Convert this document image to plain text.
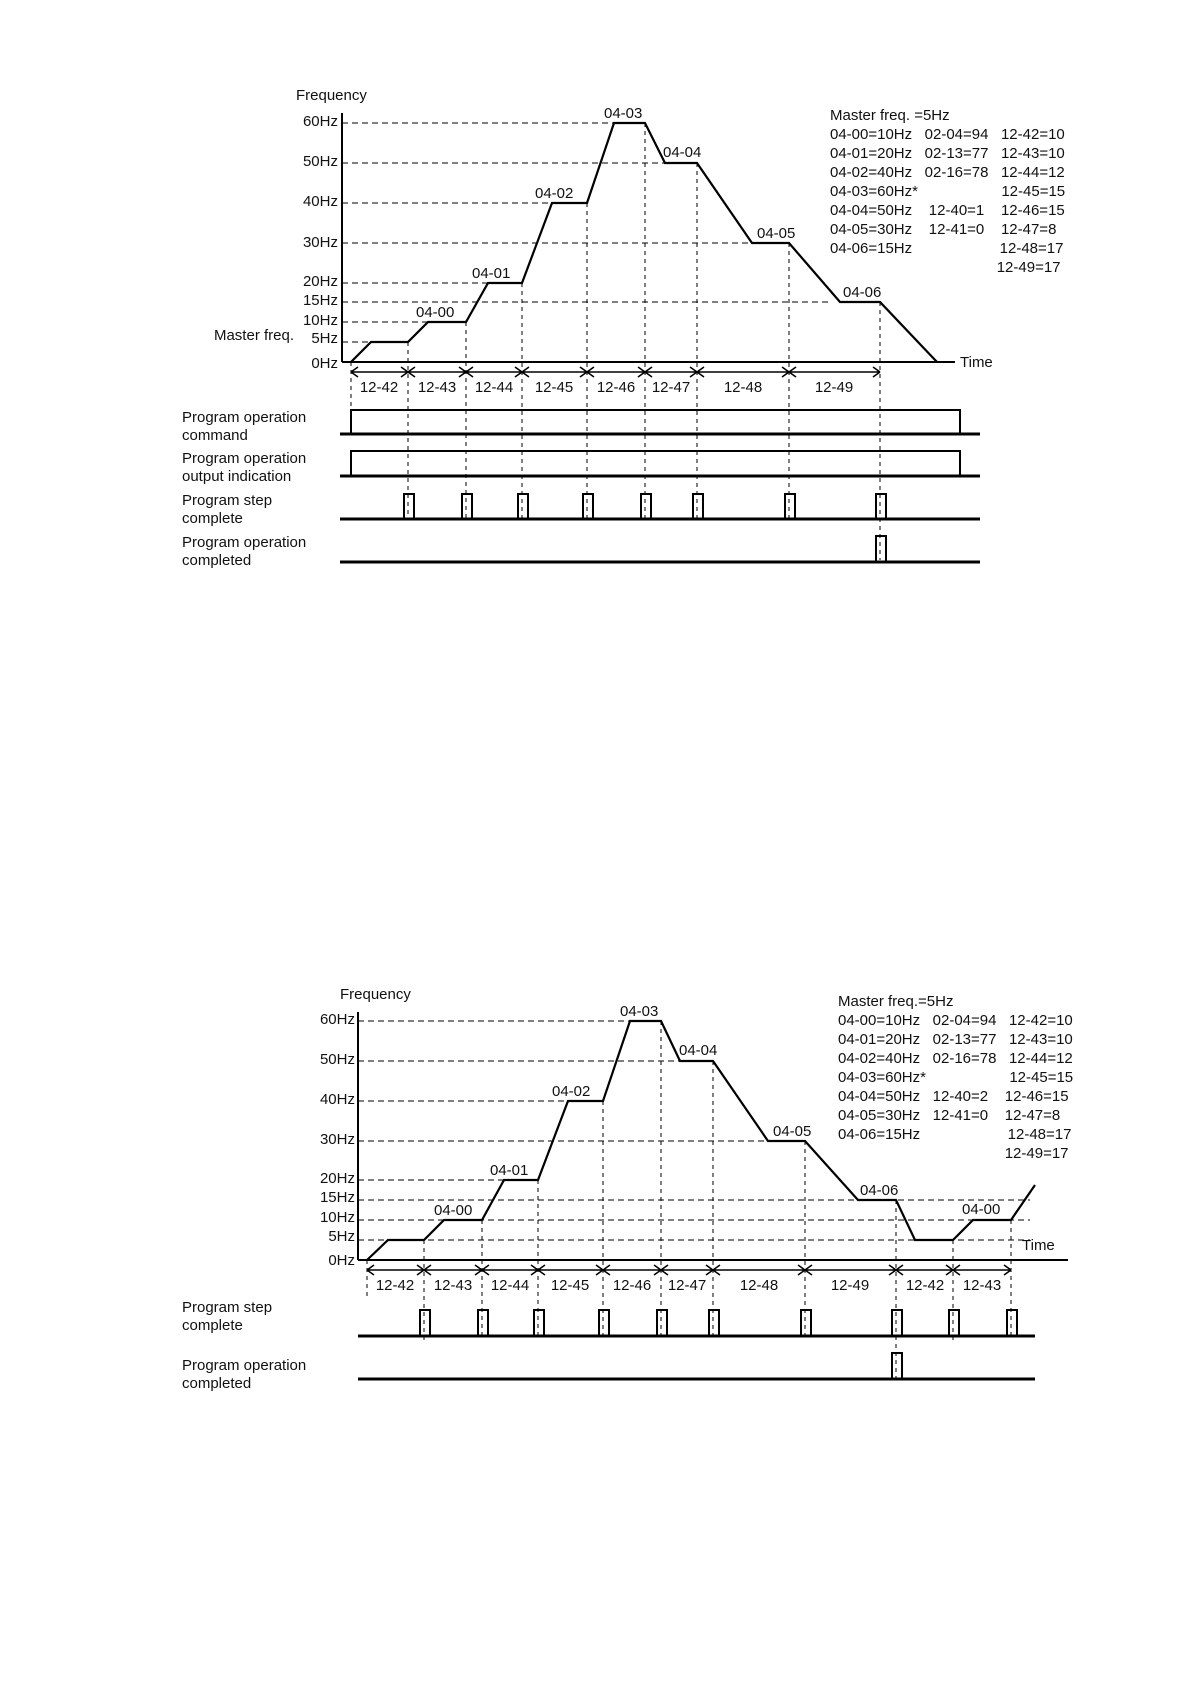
Frequency
Time
60Hz
50Hz
40Hz
30Hz
20Hz
15Hz
10Hz
5Hz
0Hz
Master freq.
04-00
04-01
04-02
04-03
04-04
04-05
04-06
12-42 12-43 12-44 12-45 12-46 12-47 12-48	12-49
Master freq. =5Hz
04-00=10Hz   02-04=94   12-42=10
04-01=20Hz   02-13=77   12-43=10
04-02=40Hz   02-16=78   12-44=12
04-03=60Hz*                    12-45=15
04-04=50Hz    12-40=1    12-46=15
04-05=30Hz    12-41=0    12-47=8
04-06=15Hz                     12-48=17
12-49=17
Program operation
command
Program operation
output indication
Program step
complete
Program operation
completed
Frequency
Time
60Hz
50Hz
40Hz
30Hz
20Hz
15Hz
10Hz
5Hz
0Hz
04-00
04-01
04-02
04-03
04-04
04-05
04-06
04-00
12-42 12-43 12-44 12-45 12-46 12-47 12-48	12-49 12-42 12-43
Master freq.=5Hz
04-00=10Hz   02-04=94   12-42=10
04-01=20Hz   02-13=77   12-43=10
04-02=40Hz   02-16=78   12-44=12
04-03=60Hz*                    12-45=15
04-04=50Hz   12-40=2    12-46=15
04-05=30Hz   12-41=0    12-47=8
04-06=15Hz                     12-48=17
12-49=17
Program step
complete
Program operation
completed
